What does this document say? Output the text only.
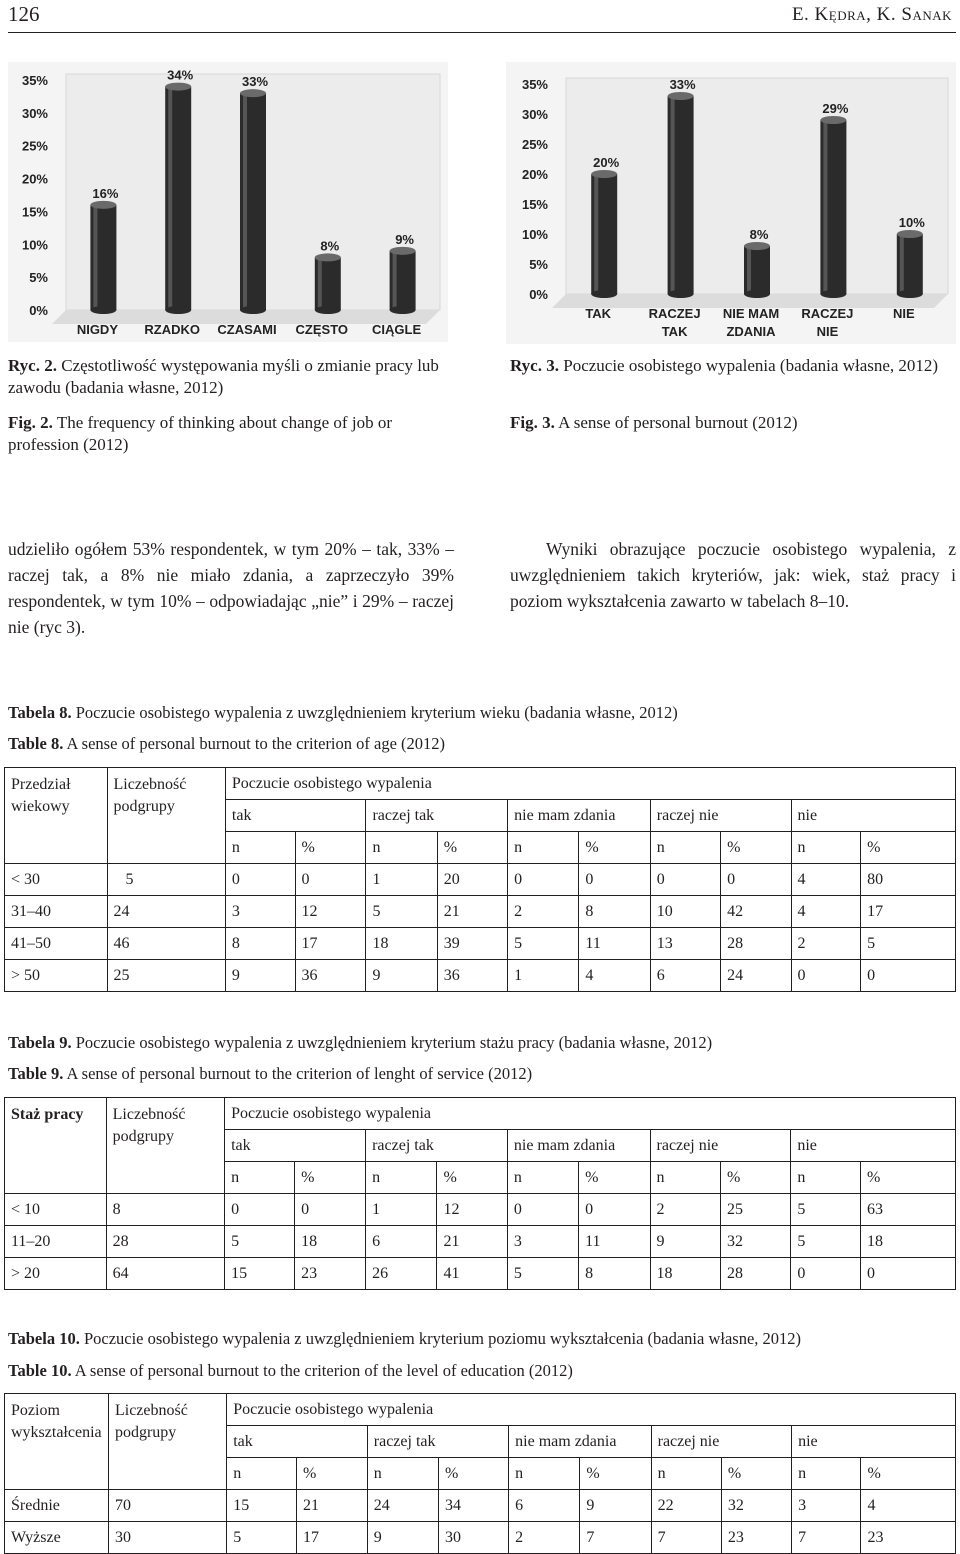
126	E. Kędra, K. Sanak
0%
5%
10%
15%
20%
25%
30%
35%
16%
NIGDY
34%
RZADKO
33%
CZASAMI
8%
CZĘSTO
9%
CIĄGLE
0%
5%
10%
15%
20%
25%
30%
35%
20%
TAK
33%
RACZEJ
TAK
8%
NIE MAM
ZDANIA
29%
RACZEJ
NIE
10%
NIE
Ryc. 2. Częstotliwość występowania myśli o zmianie pracy lub zawodu (badania własne, 2012)
Fig. 2. The frequency of thinking about change of job or profession (2012)
Ryc. 3. Poczucie osobistego wypalenia (badania własne, 2012)
Fig. 3. A sense of personal burnout (2012)
udzieliło ogółem 53% respondentek, w tym 20% – tak, 33% – raczej tak, a 8% nie miało zdania, a zaprzeczyło 39% respondentek, w tym 10% – odpowiadając „nie” i 29% – raczej nie (ryc 3).
Wyniki obrazujące poczucie osobistego wypalenia, z uwzględnieniem takich kryteriów, jak: wiek, staż pracy i poziom wykształcenia zawarto w tabelach 8–10.
Tabela 8. Poczucie osobistego wypalenia z uwzględnieniem kryterium wieku (badania własne, 2012)
Table 8. A sense of personal burnout to the criterion of age (2012)
Przedział wiekowy	Liczebność podgrupy	Poczucie osobistego wypalenia									
		tak		raczej tak		nie mam zdania		raczej nie		nie	
		n	%	n	%	n	%	n	%	n	%
< 30	5	0	0	1	20	0	0	0	0	4	80
31–40	24	3	12	5	21	2	8	10	42	4	17
41–50	46	8	17	18	39	5	11	13	28	2	5
> 50	25	9	36	9	36	1	4	6	24	0	0
Tabela 9. Poczucie osobistego wypalenia z uwzględnieniem kryterium stażu pracy (badania własne, 2012)
Table 9. A sense of personal burnout to the criterion of lenght of service (2012)
Staż pracy	Liczebność podgrupy	Poczucie osobistego wypalenia									
		tak		raczej tak		nie mam zdania		raczej nie		nie	
		n	%	n	%	n	%	n	%	n	%
< 10	8	0	0	1	12	0	0	2	25	5	63
11–20	28	5	18	6	21	3	11	9	32	5	18
> 20	64	15	23	26	41	5	8	18	28	0	0
Tabela 10. Poczucie osobistego wypalenia z uwzględnieniem kryterium poziomu wykształcenia (badania własne, 2012)
Table 10. A sense of personal burnout to the criterion of the level of education (2012)
Poziom wykształcenia	Liczebność podgrupy	Poczucie osobistego wypalenia									
		tak		raczej tak		nie mam zdania		raczej nie		nie	
		n	%	n	%	n	%	n	%	n	%
Średnie	70	15	21	24	34	6	9	22	32	3	4
Wyższe	30	5	17	9	30	2	7	7	23	7	23
